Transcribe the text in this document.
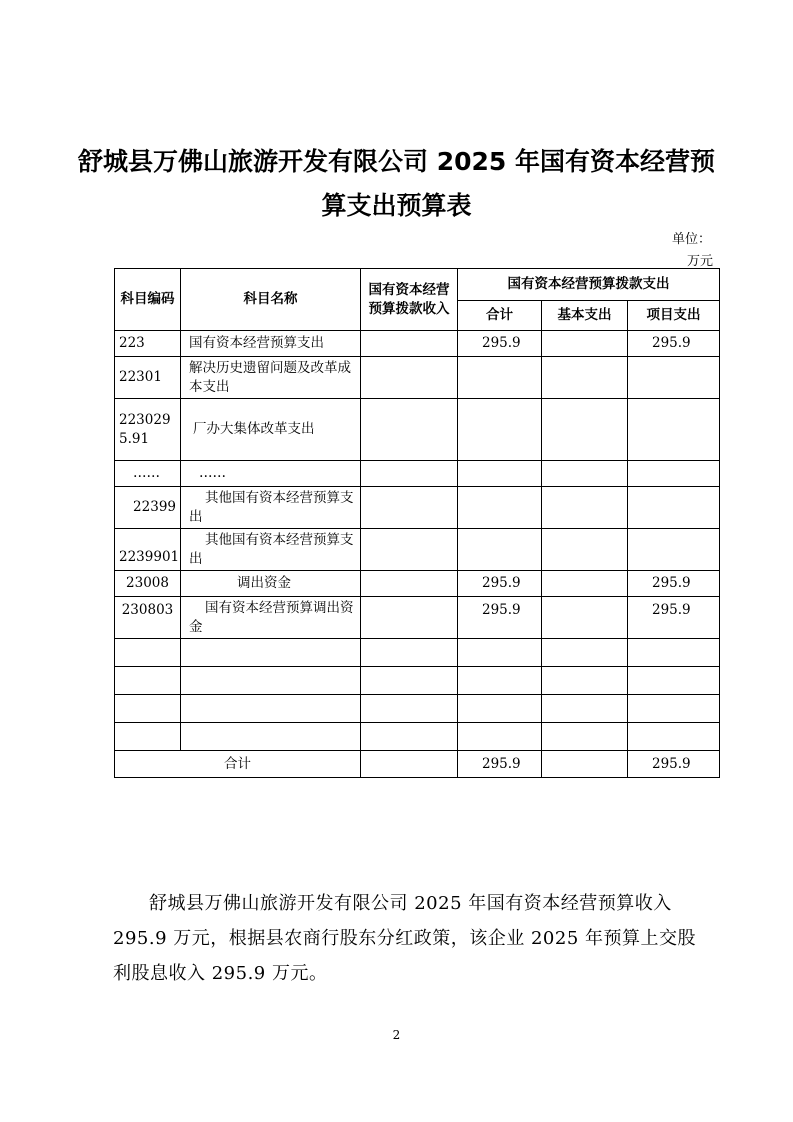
舒城县万佛山旅游开发有限公司 2025 年国有资本经营预
算支出预算表
单位：
万元
科目编码	科目名称	国有资本经营预算拨款收入	国有资本经营预算拨款支出		
			合计	基本支出	项目支出
223	国有资本经营预算支出		295.9		295.9
22301	解决历史遗留问题及改革成本支出				
2230295.91	厂办大集体改革支出				
……	……				
22399	其他国有资本经营预算支出				
2239901	其他国有资本经营预算支出				
23008	调出资金		295.9		295.9
230803	国有资本经营预算调出资金		295.9		295.9

合计			295.9		295.9

舒城县万佛山旅游开发有限公司 2025 年国有资本经营预算收入 295.9 万元，根据县农商行股东分红政策，该企业 2025 年预算上交股利股息收入 295.9 万元。

2
